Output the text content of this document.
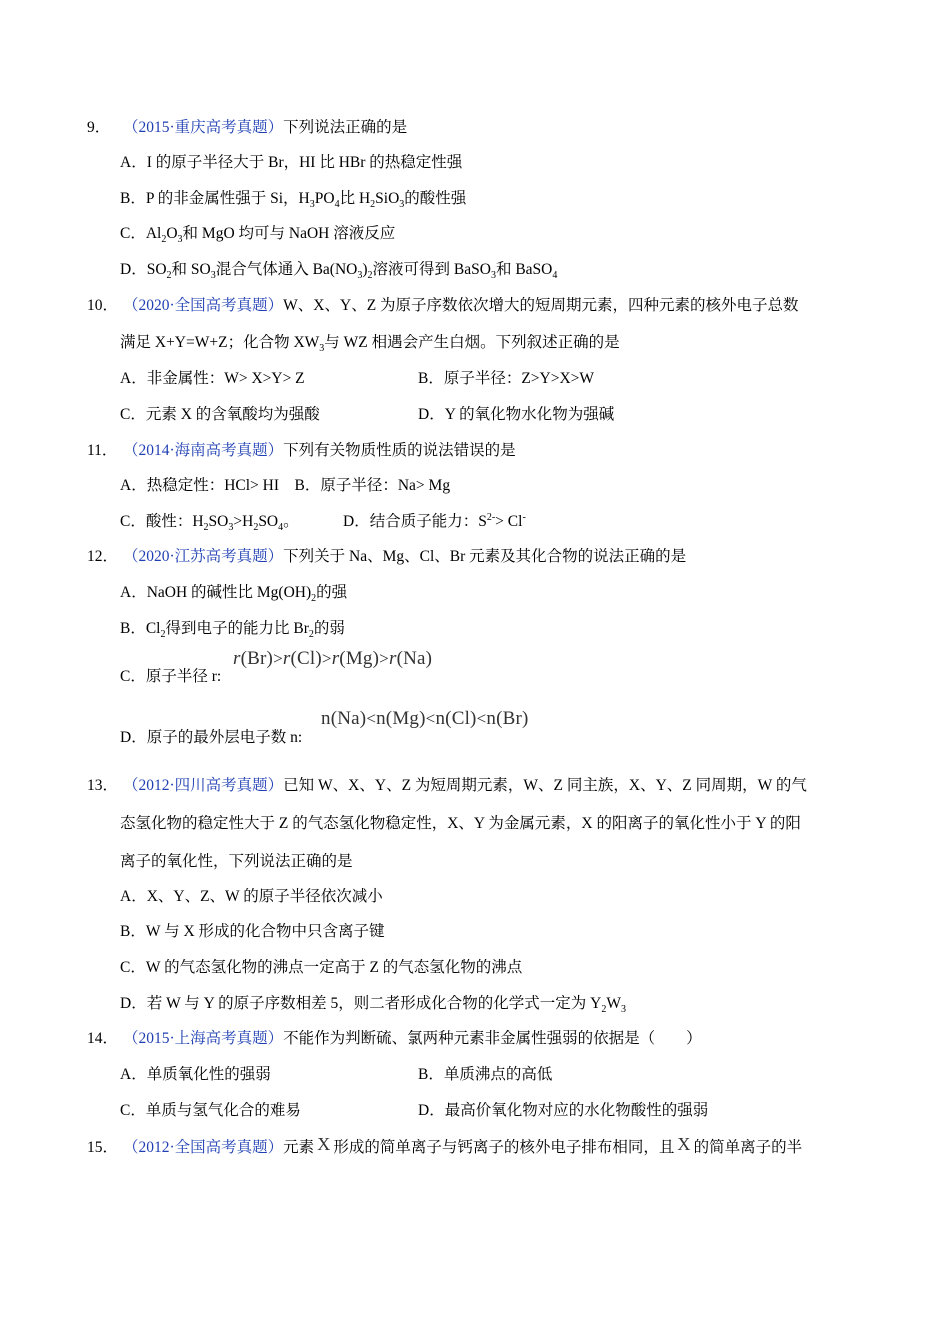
9． （2015·重庆高考真题）下列说法正确的是
A．I 的原子半径大于 Br，HI 比 HBr 的热稳定性强
B．P 的非金属性强于 Si，$H_3PO_4$比 $H_2SiO_3$的酸性强
C．$Al_2O_3$和 MgO 均可与 NaOH 溶液反应
D．$SO_2$和 $SO_3$混合气体通入 $Ba(NO_3)_2$溶液可得到 BaSO$_3$和 BaSO$_4$
10． （2020·全国高考真题）W、X、Y、Z 为原子序数依次增大的短周期元素，四种元素的核外电子总数
满足 X+Y=W+Z；化合物 $XW_3$与 WZ 相遇会产生白烟。下列叙述正确的是
A．非金属性：W> X>Y> Z	B．原子半径：Z>Y>X>W
C．元素 X 的含氧酸均为强酸	D．Y 的氧化物水化物为强碱
11． （2014·海南高考真题）下列有关物质性质的说法错误的是
A．热稳定性：HCl> HI　B．原子半径：Na> Mg
C．酸性：$H_2SO_3>H_2SO_4$。	D．结合质子能力：$S^{2-}> Cl^-$
12． （2020·江苏高考真题）下列关于 Na、Mg、Cl、Br 元素及其化合物的说法正确的是
A．NaOH 的碱性比 $Mg(OH)_2$的强
B．$Cl_2$得到电子的能力比 $Br_2$的弱
C．原子半径 r:
r(Br)>r(Cl)>r(Mg)>r(Na)
D．原子的最外层电子数 n:
n(Na)<n(Mg)<n(Cl)<n(Br)
13． （2012·四川高考真题）已知 W、X、Y、Z 为短周期元素，W、Z 同主族，X、Y、Z 同周期，W 的气
态氢化物的稳定性大于 Z 的气态氢化物稳定性，X、Y 为金属元素，X 的阳离子的氧化性小于 Y 的阳
离子的氧化性，下列说法正确的是
A．X、Y、Z、W 的原子半径依次减小
B．W 与 X 形成的化合物中只含离子键
C．W 的气态氢化物的沸点一定高于 Z 的气态氢化物的沸点
D．若 W 与 Y 的原子序数相差 5，则二者形成化合物的化学式一定为 $Y_2W_3$
14． （2015·上海高考真题）不能作为判断硫、氯两种元素非金属性强弱的依据是（　　）
A．单质氧化性的强弱	B．单质沸点的高低
C．单质与氢气化合的难易	D．最高价氧化物对应的水化物酸性的强弱
15． （2012·全国高考真题）元素 X 形成的简单离子与钙离子的核外电子排布相同，且 X 的简单离子的半
